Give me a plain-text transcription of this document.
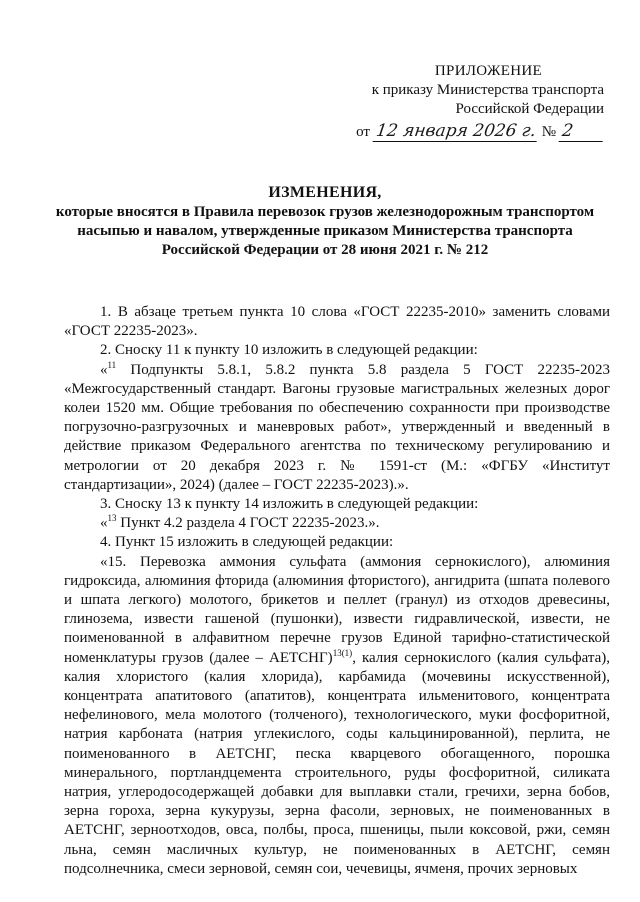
ПРИЛОЖЕНИЕ
к приказу Министерства транспорта
Российской Федерации
от 12 января 2026 г. № 2
ИЗМЕНЕНИЯ,
которые вносятся в Правила перевозок грузов железнодорожным транспортом насыпью и навалом, утвержденные приказом Министерства транспорта Российской Федерации от 28 июня 2021 г. № 212

1. В абзаце третьем пункта 10 слова «ГОСТ 22235-2010» заменить словами «ГОСТ 22235-2023».

2. Сноску 11 к пункту 10 изложить в следующей редакции:

«$^{11}$ Подпункты 5.8.1, 5.8.2 пункта 5.8 раздела 5 ГОСТ 22235-2023 «Межгосударственный стандарт. Вагоны грузовые магистральных железных дорог колеи 1520 мм. Общие требования по обеспечению сохранности при производстве погрузочно-разгрузочных и маневровых работ», утвержденный и введенный в действие приказом Федерального агентства по техническому регулированию и метрологии от 20 декабря 2023 г. № 1591-ст (М.: «ФГБУ «Институт стандартизации», 2024) (далее – ГОСТ 22235-2023).».

3. Сноску 13 к пункту 14 изложить в следующей редакции:

«$^{13}$ Пункт 4.2 раздела 4 ГОСТ 22235-2023.».

4. Пункт 15 изложить в следующей редакции:

«15. Перевозка аммония сульфата (аммония сернокислого), алюминия гидроксида, алюминия фторида (алюминия фтористого), ангидрита (шпата полевого и шпата легкого) молотого, брикетов и пеллет (гранул) из отходов древесины, глинозема, извести гашеной (пушонки), извести гидравлической, извести, не поименованной в алфавитном перечне грузов Единой тарифно-статистической номенклатуры грузов (далее – АЕТСНГ)$^{13(1)}$, калия сернокислого (калия сульфата), калия хлористого (калия хлорида), карбамида (мочевины искусственной), концентрата апатитового (апатитов), концентрата ильменитового, концентрата нефелинового, мела молотого (толченого), технологического, муки фосфоритной, натрия карбоната (натрия углекислого, соды кальцинированной), перлита, не поименованного в АЕТСНГ, песка кварцевого обогащенного, порошка минерального, портландцемента строительного, руды фосфоритной, силиката натрия, углеродосодержащей добавки для выплавки стали, гречихи, зерна бобов, зерна гороха, зерна кукурузы, зерна фасоли, зерновых, не поименованных в АЕТСНГ, зерноотходов, овса, полбы, проса, пшеницы, пыли коксовой, ржи, семян льна, семян масличных культур, не поименованных в АЕТСНГ, семян подсолнечника, смеси зерновой, семян сои, чечевицы, ячменя, прочих зерновых
